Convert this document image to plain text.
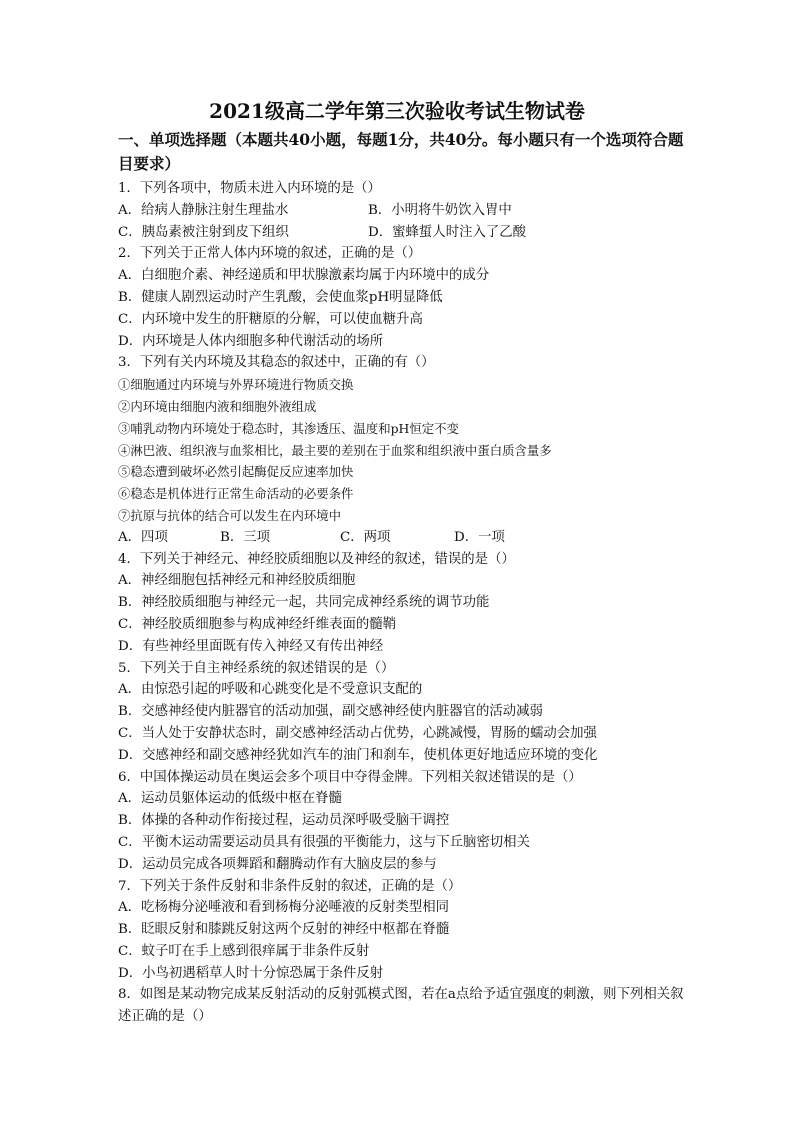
2021级高二学年第三次验收考试生物试卷
一、单项选择题（本题共40小题，每题1分，共40分。每小题只有一个选项符合题目要求）
1．下列各项中，物质未进入内环境的是（）
A．给病人静脉注射生理盐水	B．小明将牛奶饮入胃中
C．胰岛素被注射到皮下组织	D．蜜蜂蜇人时注入了乙酸
2．下列关于正常人体内环境的叙述，正确的是（）
A．白细胞介素、神经递质和甲状腺激素均属于内环境中的成分
B．健康人剧烈运动时产生乳酸，会使血浆pH明显降低
C．内环境中发生的肝糖原的分解，可以使血糖升高
D．内环境是人体内细胞多种代谢活动的场所
3．下列有关内环境及其稳态的叙述中，正确的有（）
①细胞通过内环境与外界环境进行物质交换
②内环境由细胞内液和细胞外液组成
③哺乳动物内环境处于稳态时，其渗透压、温度和pH恒定不变
④淋巴液、组织液与血浆相比，最主要的差别在于血浆和组织液中蛋白质含量多
⑤稳态遭到破坏必然引起酶促反应速率加快
⑥稳态是机体进行正常生命活动的必要条件
⑦抗原与抗体的结合可以发生在内环境中
A．四项	B．三项	C．两项	D．一项
4．下列关于神经元、神经胶质细胞以及神经的叙述，错误的是（）
A．神经细胞包括神经元和神经胶质细胞
B．神经胶质细胞与神经元一起，共同完成神经系统的调节功能
C．神经胶质细胞参与构成神经纤维表面的髓鞘
D．有些神经里面既有传入神经又有传出神经
5．下列关于自主神经系统的叙述错误的是（）
A．由惊恐引起的呼吸和心跳变化是不受意识支配的
B．交感神经使内脏器官的活动加强，副交感神经使内脏器官的活动减弱
C．当人处于安静状态时，副交感神经活动占优势，心跳减慢，胃肠的蠕动会加强
D．交感神经和副交感神经犹如汽车的油门和刹车，使机体更好地适应环境的变化
6．中国体操运动员在奥运会多个项目中夺得金牌。下列相关叙述错误的是（）
A．运动员躯体运动的低级中枢在脊髓
B．体操的各种动作衔接过程，运动员深呼吸受脑干调控
C．平衡木运动需要运动员具有很强的平衡能力，这与下丘脑密切相关
D．运动员完成各项舞蹈和翻腾动作有大脑皮层的参与
7．下列关于条件反射和非条件反射的叙述，正确的是（）
A．吃杨梅分泌唾液和看到杨梅分泌唾液的反射类型相同
B．眨眼反射和膝跳反射这两个反射的神经中枢都在脊髓
C．蚊子叮在手上感到很痒属于非条件反射
D．小鸟初遇稻草人时十分惊恐属于条件反射
8．如图是某动物完成某反射活动的反射弧模式图，若在a点给予适宜强度的刺激，则下列相关叙述正确的是（）
